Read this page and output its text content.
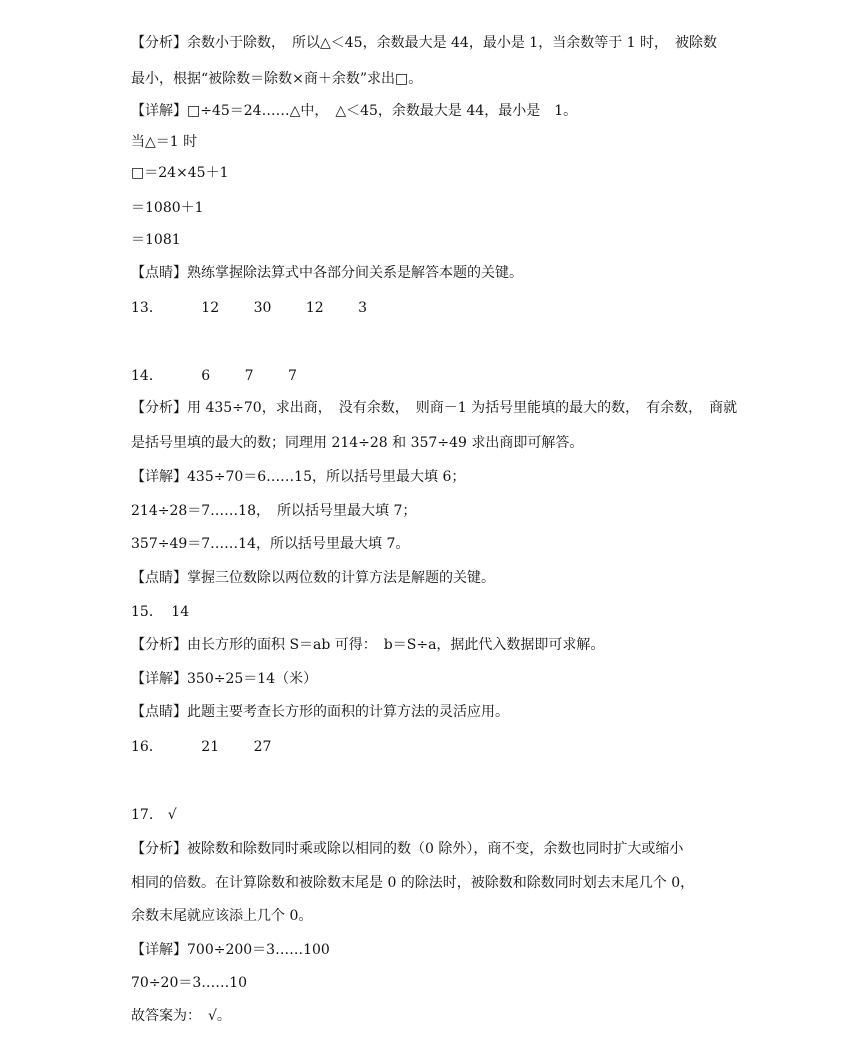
【分析】余数小于除数，　所以△＜45，余数最大是 44，最小是 1，当余数等于 1 时，　被除数
最小，根据“被除数＝除数×商＋余数”求出□。
【详解】□÷45＝24……△中，　△＜45，余数最大是 44，最小是　1。
当△＝1 时
□＝24×45＋1
＝1080＋1
＝1081
【点睛】熟练掌握除法算式中各部分间关系是解答本题的关键。
13．	12 30 12 3
14．	6 7 7
【分析】用 435÷70，求出商，　没有余数，　则商－1 为括号里能填的最大的数，　有余数，　商就
是括号里填的最大的数；同理用 214÷28 和 357÷49 求出商即可解答。
【详解】435÷70＝6……15，所以括号里最大填 6；
214÷28＝7……18，　所以括号里最大填 7；
357÷49＝7……14，所以括号里最大填 7。
【点睛】掌握三位数除以两位数的计算方法是解题的关键。
15． 14
【分析】由长方形的面积 S＝ab 可得：　b＝S÷a，据此代入数据即可求解。
【详解】350÷25＝14（米）
【点睛】此题主要考查长方形的面积的计算方法的灵活应用。
16．	21 27
17. √
【分析】被除数和除数同时乘或除以相同的数（0 除外），商不变，余数也同时扩大或缩小
相同的倍数。在计算除数和被除数末尾是 0 的除法时，被除数和除数同时划去末尾几个 0，
余数末尾就应该添上几个 0。
【详解】700÷200＝3……100
70÷20＝3……10
故答案为：　√。
